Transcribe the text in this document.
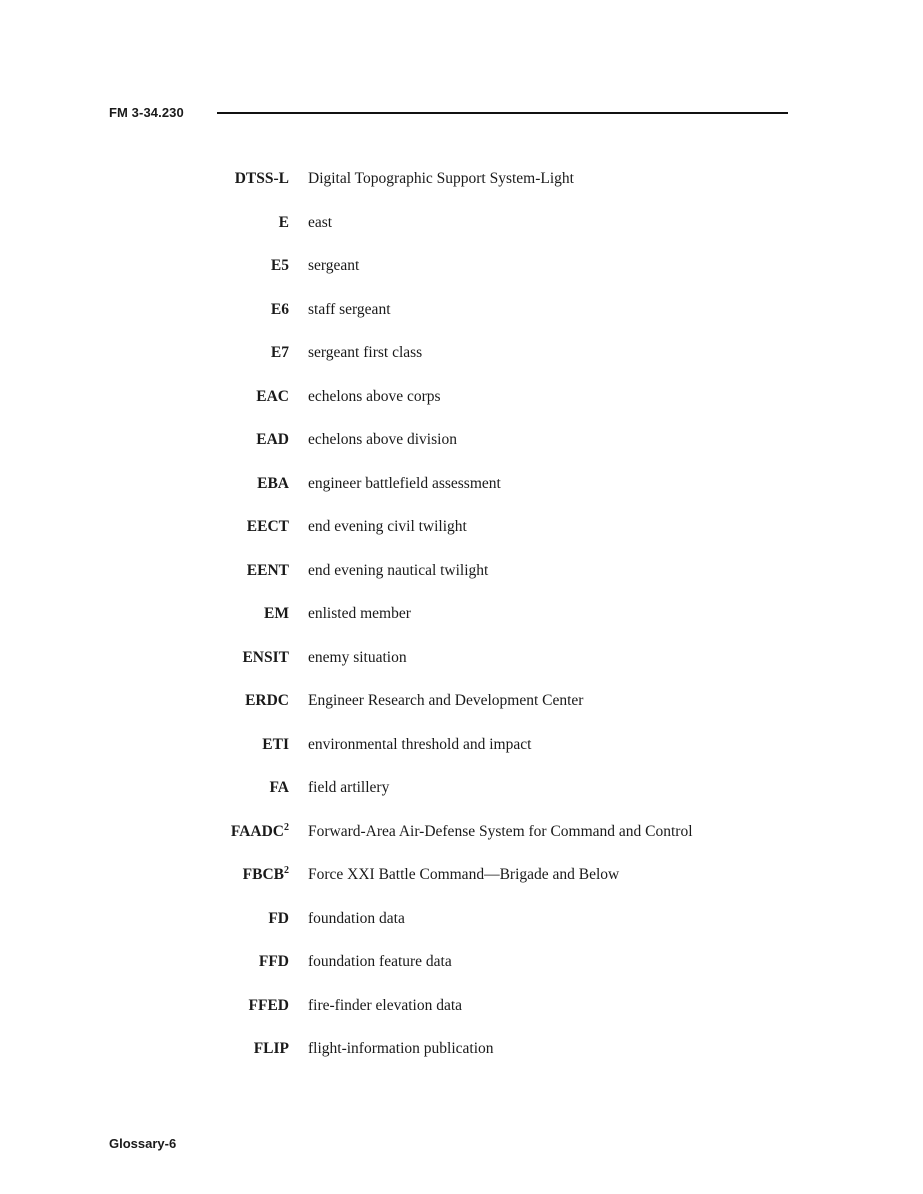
FM 3-34.230
DTSS-L	Digital Topographic Support System-Light
E	east
E5	sergeant
E6	staff sergeant
E7	sergeant first class
EAC	echelons above corps
EAD	echelons above division
EBA	engineer battlefield assessment
EECT	end evening civil twilight
EENT	end evening nautical twilight
EM	enlisted member
ENSIT	enemy situation
ERDC	Engineer Research and Development Center
ETI	environmental threshold and impact
FA	field artillery
FAADC$^2$	Forward-Area Air-Defense System for Command and Control
FBCB$^2$	Force XXI Battle Command—Brigade and Below
FD	foundation data
FFD	foundation feature data
FFED	fire-finder elevation data
FLIP	flight-information publication
Glossary-6
